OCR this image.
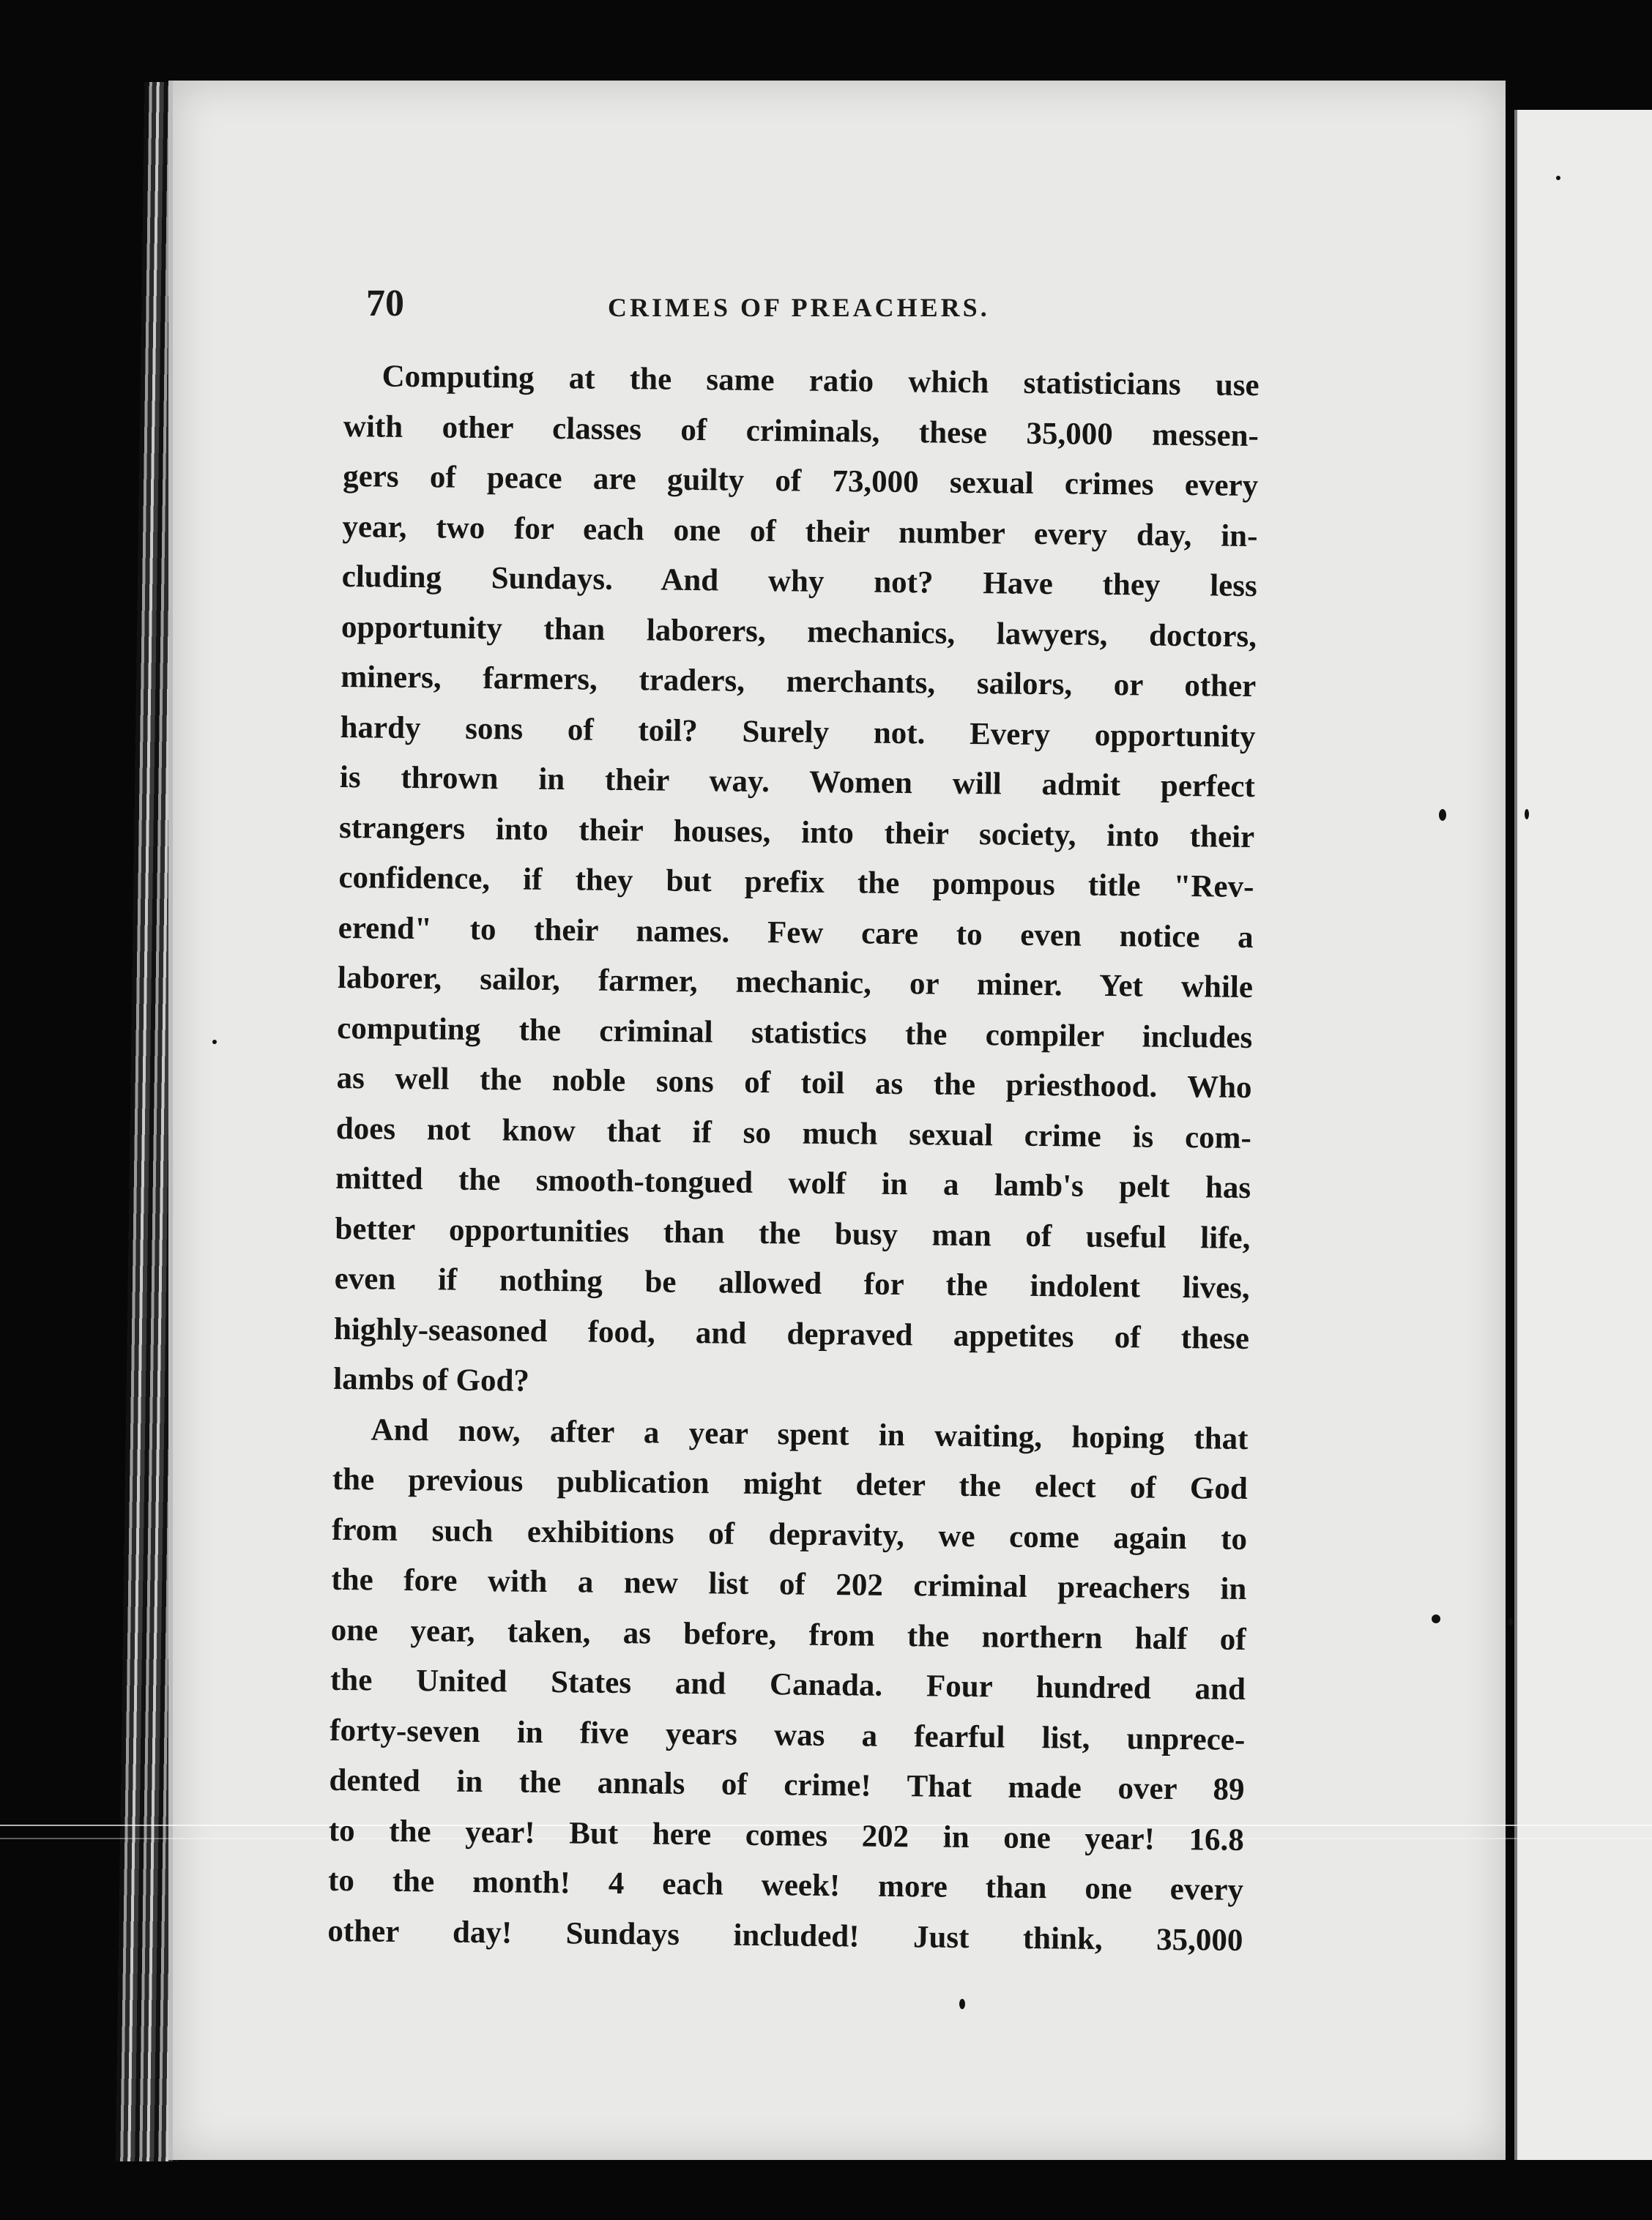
70	CRIMES OF PREACHERS.
Computing at the same ratio which statisticians use
with other classes of criminals, these 35,000 messen-
gers of peace are guilty of 73,000 sexual crimes every
year, two for each one of their number every day, in-
cluding Sundays. And why not? Have they less
opportunity than laborers, mechanics, lawyers, doctors,
miners, farmers, traders, merchants, sailors, or other
hardy sons of toil? Surely not. Every opportunity
is thrown in their way. Women will admit perfect
strangers into their houses, into their society, into their
confidence, if they but prefix the pompous title "Rev-
erend" to their names. Few care to even notice a
laborer, sailor, farmer, mechanic, or miner. Yet while
computing the criminal statistics the compiler includes
as well the noble sons of toil as the priesthood. Who
does not know that if so much sexual crime is com-
mitted the smooth-tongued wolf in a lamb's pelt has
better opportunities than the busy man of useful life,
even if nothing be allowed for the indolent lives,
highly-seasoned food, and depraved appetites of these
lambs of God?
And now, after a year spent in waiting, hoping that
the previous publication might deter the elect of God
from such exhibitions of depravity, we come again to
the fore with a new list of 202 criminal preachers in
one year, taken, as before, from the northern half of
the United States and Canada. Four hundred and
forty-seven in five years was a fearful list, unprece-
dented in the annals of crime! That made over 89
to the year! But here comes 202 in one year! 16.8
to the month! 4 each week! more than one every
other day! Sundays included! Just think, 35,000
